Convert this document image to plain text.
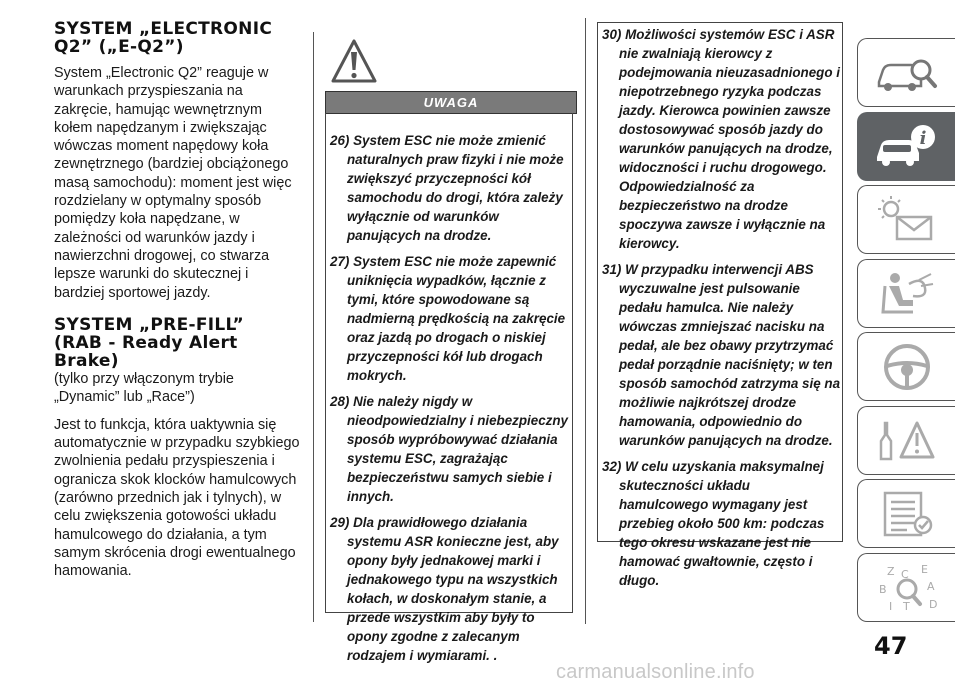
SYSTEM „ELECTRONIC
Q2” („E-Q2”)

System „Electronic Q2” reaguje w warunkach przyspieszania na zakręcie, hamując wewnętrznym kołem napędzanym i zwiększając wówczas moment napędowy koła zewnętrznego (bardziej obciążonego masą samochodu): moment jest więc rozdzielany w optymalny sposób pomiędzy koła napędzane, w zależności od warunków jazdy i nawierzchni drogowej, co stwarza lepsze warunki do skutecznej i bardziej sportowej jazdy.

SYSTEM „PRE-FILL”
(RAB - Ready Alert
Brake)
(tylko przy włączonym trybie „Dynamic” lub „Race”)

Jest to funkcja, która uaktywnia się automatycznie w przypadku szybkiego zwolnienia pedału przyspieszenia i ogranicza skok klocków hamulcowych (zarówno przednich jak i tylnych), w celu zwiększenia gotowości układu hamulcowego do działania, a tym samym skrócenia drogi ewentualnego hamowania.

UWAGA
26) System ESC nie może zmienić naturalnych praw fizyki i nie może zwiększyć przyczepności kół samochodu do drogi, która zależy wyłącznie od warunków panujących na drodze.
27) System ESC nie może zapewnić uniknięcia wypadków, łącznie z tymi, które spowodowane są nadmierną prędkością na zakręcie oraz jazdą po drogach o niskiej przyczepności kół lub drogach mokrych.
28) Nie należy nigdy w nieodpowiedzialny i niebezpieczny sposób wypróbowywać działania systemu ESC, zagrażając bezpieczeństwu samych siebie i innych.
29) Dla prawidłowego działania systemu ASR konieczne jest, aby opony były jednakowej marki i jednakowego typu na wszystkich kołach, w doskonałym stanie, a przede wszystkim aby były to opony zgodne z zalecanym rodzajem i wymiarami. .
30) Możliwości systemów ESC i ASR nie zwalniają kierowcy z podejmowania nieuzasadnionego i niepotrzebnego ryzyka podczas jazdy. Kierowca powinien zawsze dostosowywać sposób jazdy do warunków panujących na drodze, widoczności i ruchu drogowego. Odpowiedzialność za bezpieczeństwo na drodze spoczywa zawsze i wyłącznie na kierowcy.
31) W przypadku interwencji ABS wyczuwalne jest pulsowanie pedału hamulca. Nie należy wówczas zmniejszać nacisku na pedał, ale bez obawy przytrzymać pedał porządnie naciśnięty; w ten sposób samochód zatrzyma się na możliwie najkrótszej drodze hamowania, odpowiednio do warunków panujących na drodze.
32) W celu uzyskania maksymalnej skuteczności układu hamulcowego wymagany jest przebieg około 500 km: podczas tego okresu wskazane jest nie hamować gwałtownie, często i długo.
i
Z E
B
C
T
A
D
I
47
carmanualsonline.info
